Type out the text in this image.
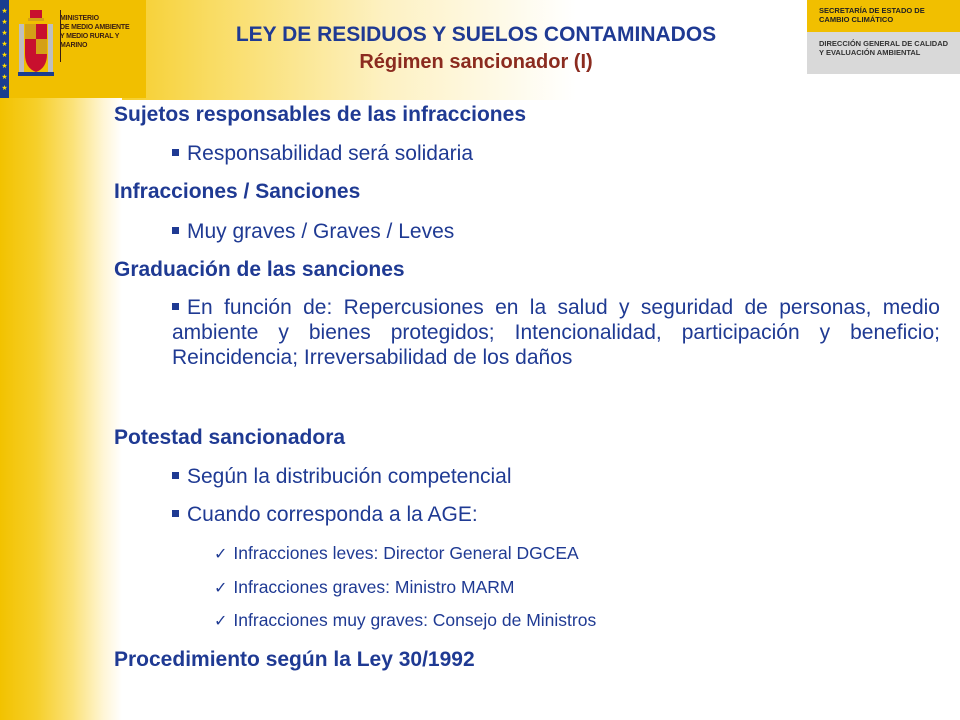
★
★
★
★
★
★
★
★
MINISTERIO
DE MEDIO AMBIENTE
Y MEDIO RURAL Y MARINO
SECRETARÍA DE ESTADO DE CAMBIO CLIMÁTICO
DIRECCIÓN GENERAL DE CALIDAD Y EVALUACIÓN AMBIENTAL
LEY DE RESIDUOS Y SUELOS CONTAMINADOS
Régimen sancionador (I)
Sujetos responsables de las infracciones
Responsabilidad será solidaria
Infracciones / Sanciones
Muy graves / Graves / Leves
Graduación de las sanciones
En función de: Repercusiones en la salud y seguridad de personas, medio ambiente y bienes protegidos; Intencionalidad, participación y beneficio; Reincidencia; Irreversabilidad de los daños
Potestad sancionadora
Según la distribución competencial
Cuando corresponda a la AGE:
✓ Infracciones leves: Director General DGCEA
✓ Infracciones graves: Ministro MARM
✓ Infracciones muy graves: Consejo de Ministros
Procedimiento según la Ley 30/1992
